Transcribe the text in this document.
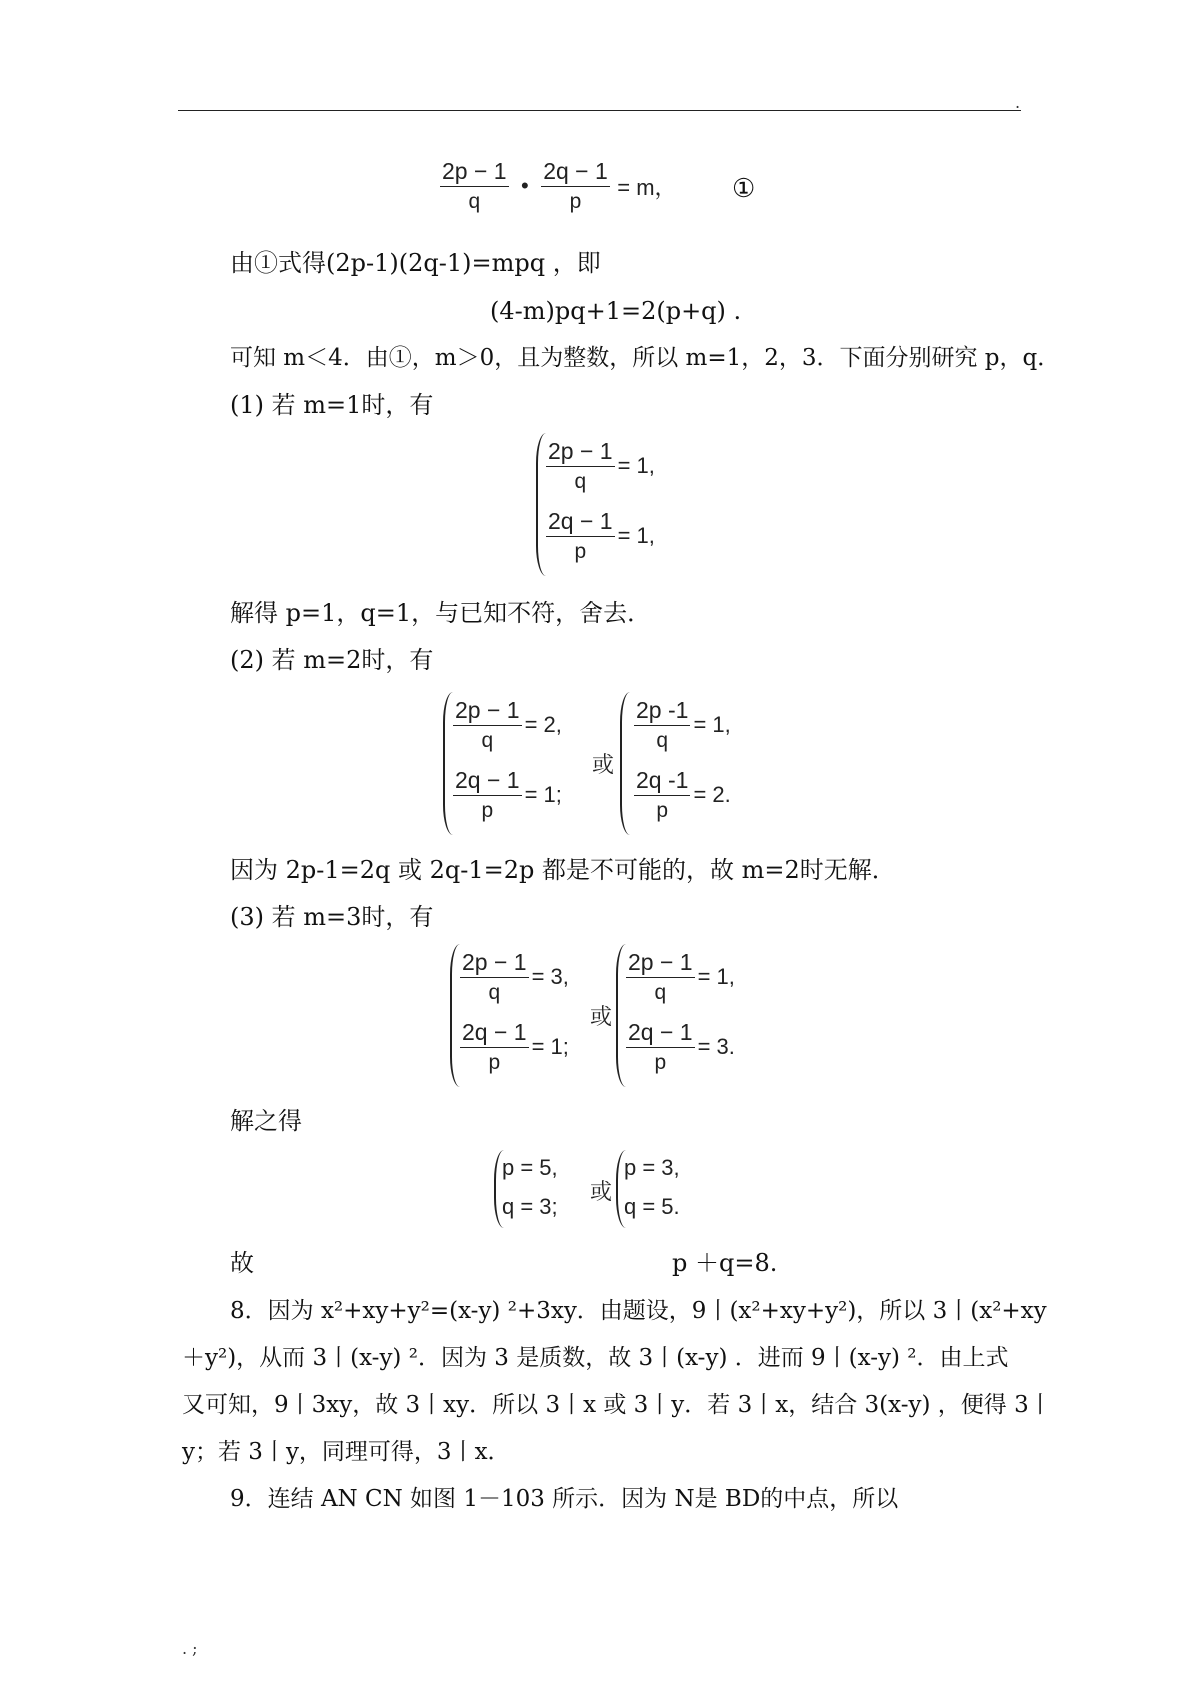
.
$\frac{2p - 1}{q}$ • $\frac{2q - 1}{p} = m$， ①
由①式得(2p-1)(2q-1)=mpq ，即
(4-m)pq+1=2(p+q) .
可知 m＜4．由①，m＞0，且为整数，所以 m=1，2，3．下面分别研究 p，q．
(1) 若 m=1时，有
$\frac{2p - 1}{q} = 1$,
$\frac{2q - 1}{p} = 1$,
解得 p=1，q=1，与已知不符，舍去．
(2) 若 m=2时，有
$\frac{2p - 1}{q} = 2$,
$\frac{2q - 1}{p} = 1$;
或
$\frac{2p -1}{q} = 1$,
$\frac{2q -1}{p} = 2$.
因为 2p-1=2q 或 2q-1=2p 都是不可能的，故 m=2时无解．
(3) 若 m=3时，有
$\frac{2p - 1}{q} = 3$,
$\frac{2q - 1}{p} = 1$;
或
$\frac{2p - 1}{q} = 1$,
$\frac{2q - 1}{p} = 3$.
解之得
p = 5,
q = 3;
或
p = 3,
q = 5.
故	p ＋q=8.
8．因为 x²+xy+y²=(x-y) ²+3xy．由题设，9丨(x²+xy+y²)，所以 3丨(x²+xy
＋y²)，从而 3丨(x-y) ²．因为 3 是质数，故 3丨(x-y) ．进而 9丨(x-y) ²．由上式
又可知，9丨3xy，故 3丨xy．所以 3丨x 或 3丨y．若 3丨x，结合 3(x-y) ，便得 3丨
y；若 3丨y，同理可得，3丨x．
9．连结 AN CN 如图 1－103 所示．因为 N是 BD的中点，所以
. ;
